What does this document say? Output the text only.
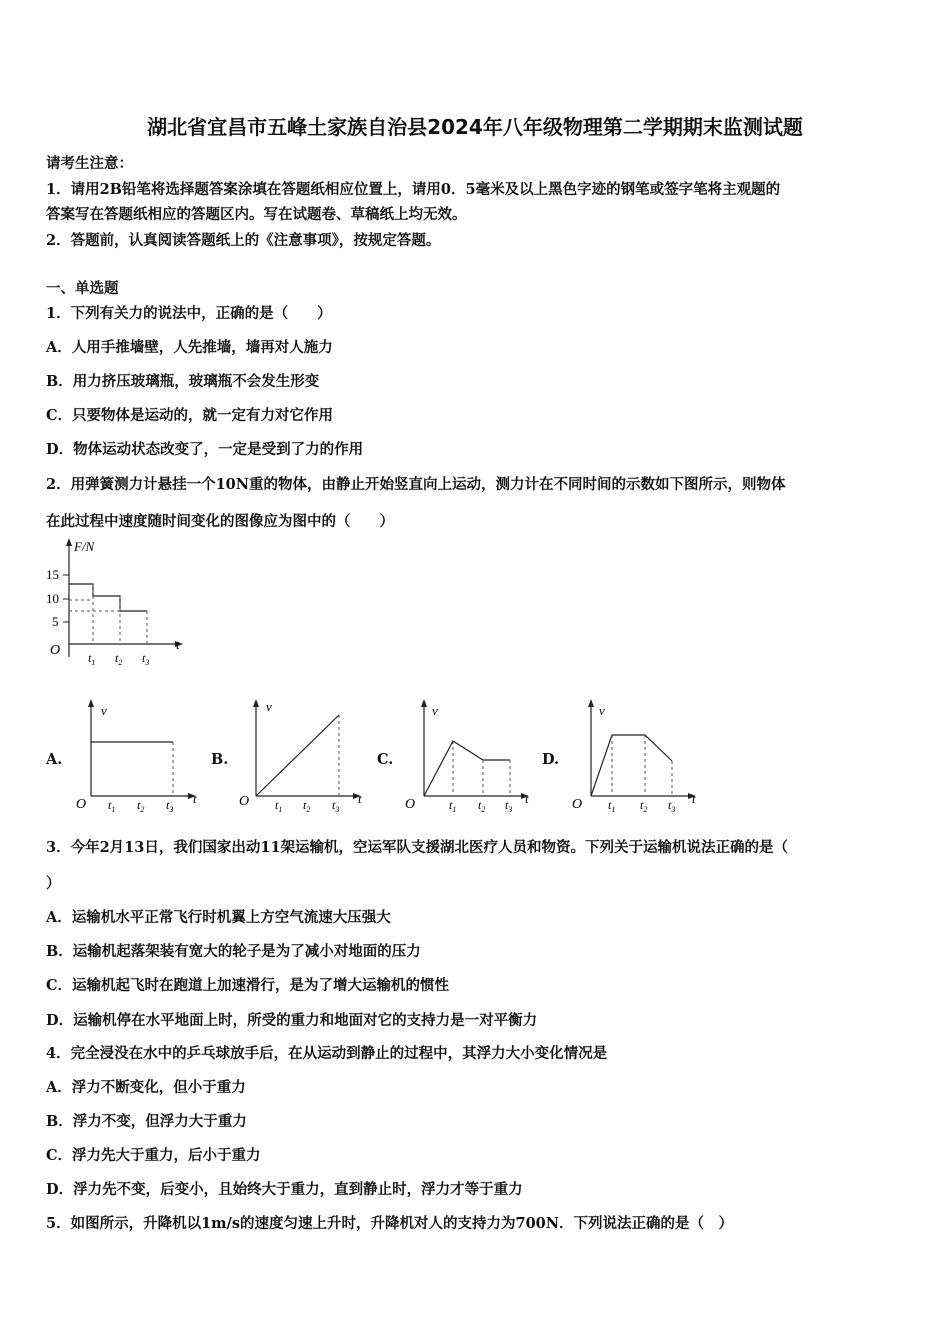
湖北省宜昌市五峰土家族自治县2024年八年级物理第二学期期末监测试题
请考生注意：
1．请用2B铅笔将选择题答案涂填在答题纸相应位置上，请用0．5毫米及以上黑色字迹的钢笔或签字笔将主观题的
答案写在答题纸相应的答题区内。写在试题卷、草稿纸上均无效。
2．答题前，认真阅读答题纸上的《注意事项》，按规定答题。
一、单选题
1．下列有关力的说法中，正确的是（　　）
A．人用手推墙壁，人先推墙，墙再对人施力
B．用力挤压玻璃瓶，玻璃瓶不会发生形变
C．只要物体是运动的，就一定有力对它作用
D．物体运动状态改变了，一定是受到了力的作用
2．用弹簧测力计悬挂一个10N重的物体，由静止开始竖直向上运动，测力计在不同时间的示数如下图所示，则物体
在此过程中速度随时间变化的图像应为图中的（　　）
F/N
t
O
15
10
5
$t_1$ $t_2$ $t_3$
A.
v
t
O $t_1$ $t_2$ $t_3$
B.
v
t
O $t_1$ $t_2$ $t_3$
C.
v
t
O	$t_1$ $t_2$ $t_3$
D.
v
t
O $t_1$ $t_2$ $t_3$
3．今年2月13日，我们国家出动11架运输机，空运军队支援湖北医疗人员和物资。下列关于运输机说法正确的是（
）
A．运输机水平正常飞行时机翼上方空气流速大压强大
B．运输机起落架装有宽大的轮子是为了减小对地面的压力
C．运输机起飞时在跑道上加速滑行，是为了增大运输机的惯性
D．运输机停在水平地面上时，所受的重力和地面对它的支持力是一对平衡力
4．完全浸没在水中的乒乓球放手后，在从运动到静止的过程中，其浮力大小变化情况是
A．浮力不断变化，但小于重力
B．浮力不变，但浮力大于重力
C．浮力先大于重力，后小于重力
D．浮力先不变，后变小，且始终大于重力，直到静止时，浮力才等于重力
5．如图所示，升降机以1m/s的速度匀速上升时，升降机对人的支持力为700N．下列说法正确的是（　）
